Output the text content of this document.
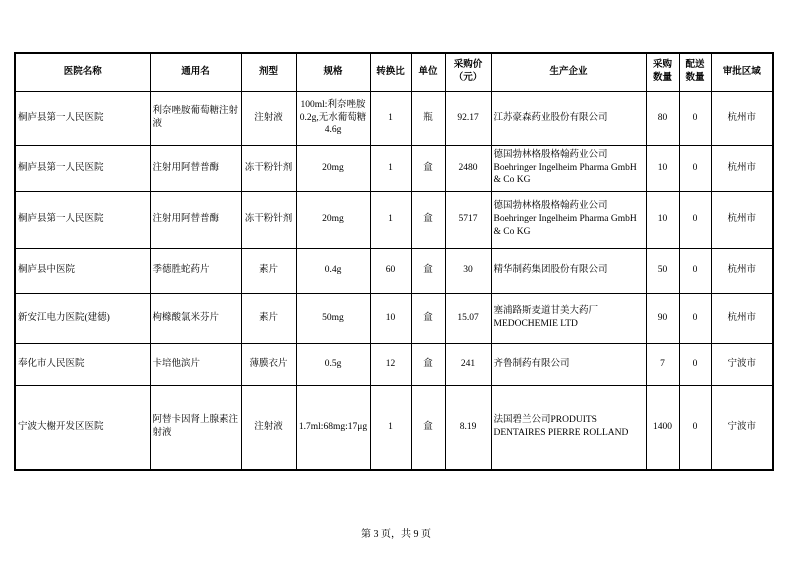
医院名称	通用名	剂型	规格	转换比	单位	采购价（元）	生产企业	采购数量	配送数量	审批区域
桐庐县第一人民医院	利奈唑胺葡萄糖注射液	注射液	100ml:利奈唑胺0.2g,无水葡萄糖4.6g	1	瓶	92.17	江苏豪森药业股份有限公司	80	0	杭州市
桐庐县第一人民医院	注射用阿替普酶	冻干粉针剂	20mg	1	盒	2480	德国勃林格殷格翰药业公司 Boehringer Ingelheim Pharma GmbH & Co KG	10	0	杭州市
桐庐县第一人民医院	注射用阿替普酶	冻干粉针剂	20mg	1	盒	5717	德国勃林格殷格翰药业公司 Boehringer Ingelheim Pharma GmbH & Co KG	10	0	杭州市
桐庐县中医院	季德胜蛇药片	素片	0.4g	60	盒	30	精华制药集团股份有限公司	50	0	杭州市
新安江电力医院(建德)	枸橼酸氯米芬片	素片	50mg	10	盒	15.07	塞浦路斯麦道甘美大药厂 MEDOCHEMIE LTD	90	0	杭州市
奉化市人民医院	卡培他滨片	薄膜衣片	0.5g	12	盒	241	齐鲁制药有限公司	7	0	宁波市
宁波大榭开发区医院	阿替卡因肾上腺素注射液	注射液	1.7ml:68mg:17μg	1	盒	8.19	法国碧兰公司PRODUITS DENTAIRES PIERRE ROLLAND	1400	0	宁波市
第 3 页，共 9 页
